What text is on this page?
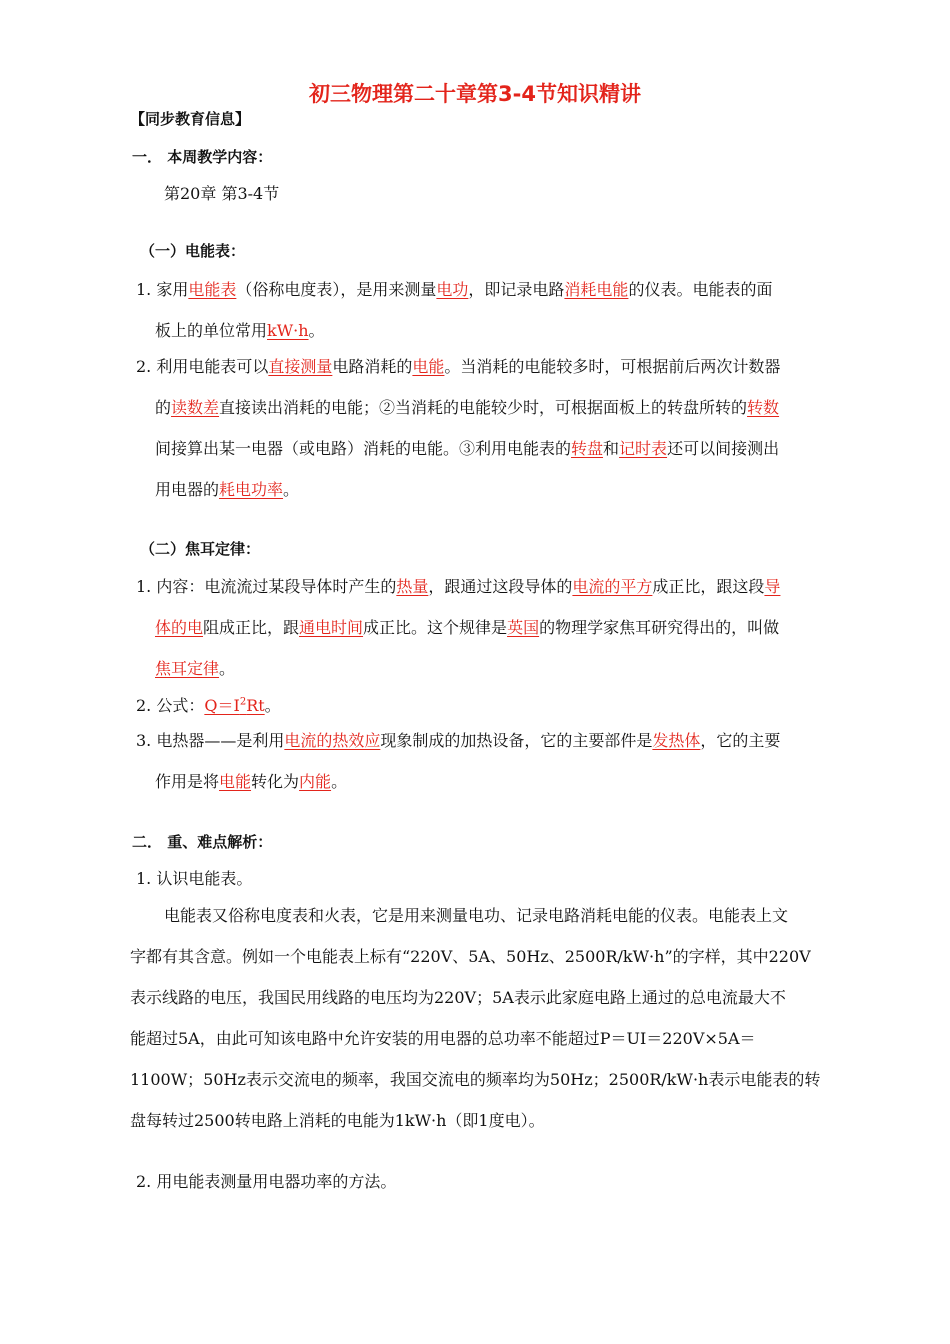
初三物理第二十章第3-4节知识精讲
【同步教育信息】
一． 本周教学内容：
第20章 第3-4节
（一）电能表：
1. 家用电能表（俗称电度表），是用来测量电功，即记录电路消耗电能的仪表。电能表的面
板上的单位常用kW·h。
2. 利用电能表可以直接测量电路消耗的电能。当消耗的电能较多时，可根据前后两次计数器
的读数差直接读出消耗的电能；②当消耗的电能较少时，可根据面板上的转盘所转的转数
间接算出某一电器（或电路）消耗的电能。③利用电能表的转盘和记时表还可以间接测出
用电器的耗电功率。
（二）焦耳定律：
1. 内容：电流流过某段导体时产生的热量，跟通过这段导体的电流的平方成正比，跟这段导
体的电阻成正比，跟通电时间成正比。这个规律是英国的物理学家焦耳研究得出的，叫做
焦耳定律。
2. 公式：$Q=I^2Rt$。
3. 电热器——是利用电流的热效应现象制成的加热设备，它的主要部件是发热体，它的主要
作用是将电能转化为内能。
二． 重、难点解析：
1. 认识电能表。
电能表又俗称电度表和火表，它是用来测量电功、记录电路消耗电能的仪表。电能表上文
字都有其含意。例如一个电能表上标有“220V、5A、50Hz、2500R/kW·h”的字样，其中220V
表示线路的电压，我国民用线路的电压均为220V；5A表示此家庭电路上通过的总电流最大不
能超过5A，由此可知该电路中允许安装的用电器的总功率不能超过P＝UI＝220V×5A＝
1100W；50Hz表示交流电的频率，我国交流电的频率均为50Hz；2500R/kW·h表示电能表的转
盘每转过2500转电路上消耗的电能为1kW·h（即1度电）。
2. 用电能表测量用电器功率的方法。
